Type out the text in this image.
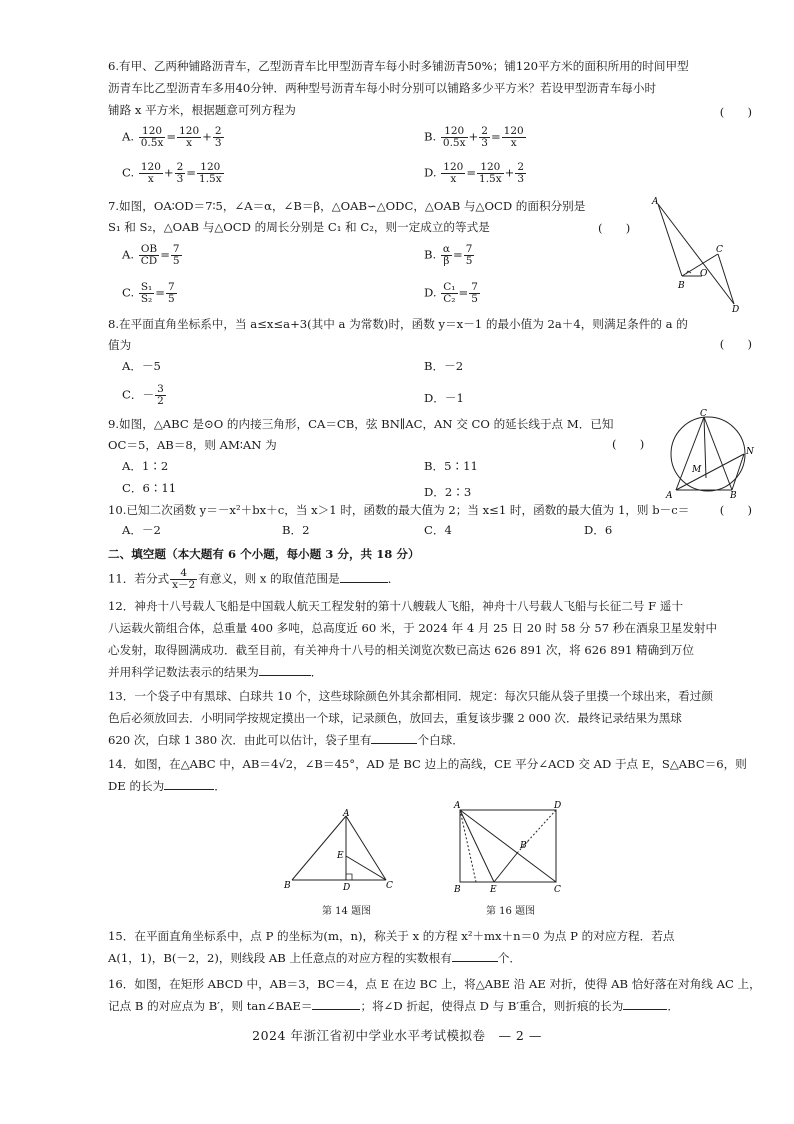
6.有甲、乙两种铺路沥青车，乙型沥青车比甲型沥青车每小时多铺沥青50%；铺120平方米的面积所用的时间甲型
沥青车比乙型沥青车多用40分钟．两种型号沥青车每小时分别可以铺路多少平方米？若设甲型沥青车每小时
铺路 x 平方米，根据题意可列方程为	(　　)
A. $\frac{120}{0.5x} = \frac{120}{x} + \frac{2}{3}$	B. $\frac{120}{0.5x} + \frac{2}{3} = \frac{120}{x}$
C. $\frac{120}{x} + \frac{2}{3} = \frac{120}{1.5x}$	D. $\frac{120}{x} = \frac{120}{1.5x} + \frac{2}{3}$
7.如图，OA∶OD＝7∶5，∠A＝α，∠B＝β，△OAB∽△ODC，△OAB 与△OCD 的面积分别是
S₁ 和 S₂，△OAB 与△OCD 的周长分别是 C₁ 和 C₂，则一定成立的等式是	(　　)
A. $\frac{OB}{CD} = \frac{7}{5}$	B. $\frac{\alpha}{\beta} = \frac{7}{5}$
C. $\frac{\text{S₁}}{\text{S₂}} = \frac{7}{5}$	D. $\frac{\text{C₁}}{\text{C₂}} = \frac{7}{5}$
A
B
C
D
O
8.在平面直角坐标系中，当 a≤x≤a+3(其中 a 为常数)时，函数 y＝x－1 的最小值为 2a＋4，则满足条件的 a 的
值为	(　　)
A．－5	B．－2
C．－ $\frac{3}{2}$	D．－1
9.如图，△ABC 是⊙O 的内接三角形，CA＝CB，弦 BN∥AC，AN 交 CO 的延长线于点 M．已知
OC＝5，AB＝8，则 AM∶AN 为	(　　)
A．1∶2	B．5∶11
C．6∶11	D．2∶3
C
A	B
M
N
10.已知二次函数 y＝－x²＋bx＋c，当 x＞1 时，函数的最大值为 2；当 x≤1 时，函数的最大值为 1，则 b－c＝	(　　)
A．－2	B．2	C．4	D．6
二、填空题（本大题有 6 个小题，每小题 3 分，共 18 分）
11．若分式 $\frac{4}{x-2}$ 有意义，则 x 的取值范围是	．
12．神舟十八号载人飞船是中国载人航天工程发射的第十八艘载人飞船，神舟十八号载人飞船与长征二号 F 遥十
八运载火箭组合体，总重量 400 多吨，总高度近 60 米，于 2024 年 4 月 25 日 20 时 58 分 57 秒在酒泉卫星发射中
心发射，取得圆满成功．截至目前，有关神舟十八号的相关浏览次数已高达 626 891 次，将 626 891 精确到万位
并用科学记数法表示的结果为	．
13．一个袋子中有黑球、白球共 10 个，这些球除颜色外其余都相同．规定：每次只能从袋子里摸一个球出来，看过颜
色后必须放回去．小明同学按规定摸出一个球，记录颜色，放回去，重复该步骤 2 000 次．最终记录结果为黑球
620 次，白球 1 380 次．由此可以估计，袋子里有	个白球．
14．如图，在△ABC 中，AB＝4√2，∠B＝45°，AD 是 BC 边上的高线，CE 平分∠ACD 交 AD 于点 E，S△ABC＝6，则
DE 的长为	．
A
B	C
D
E
第 14 题图
A	D
B	E	C
B′
第 16 题图
15．在平面直角坐标系中，点 P 的坐标为(m，n)，称关于 x 的方程 x²＋mx＋n＝0 为点 P 的对应方程．若点
A(1，1)，B(－2，2)，则线段 AB 上任意点的对应方程的实数根有	个．
16．如图，在矩形 ABCD 中，AB＝3，BC＝4，点 E 在边 BC 上，将△ABE 沿 AE 对折，使得 AB 恰好落在对角线 AC 上，
记点 B 的对应点为 B′，则 tan∠BAE＝	；将∠D 折起，使得点 D 与 B′重合，则折痕的长为	．
2024 年浙江省初中学业水平考试模拟卷　— 2 —
